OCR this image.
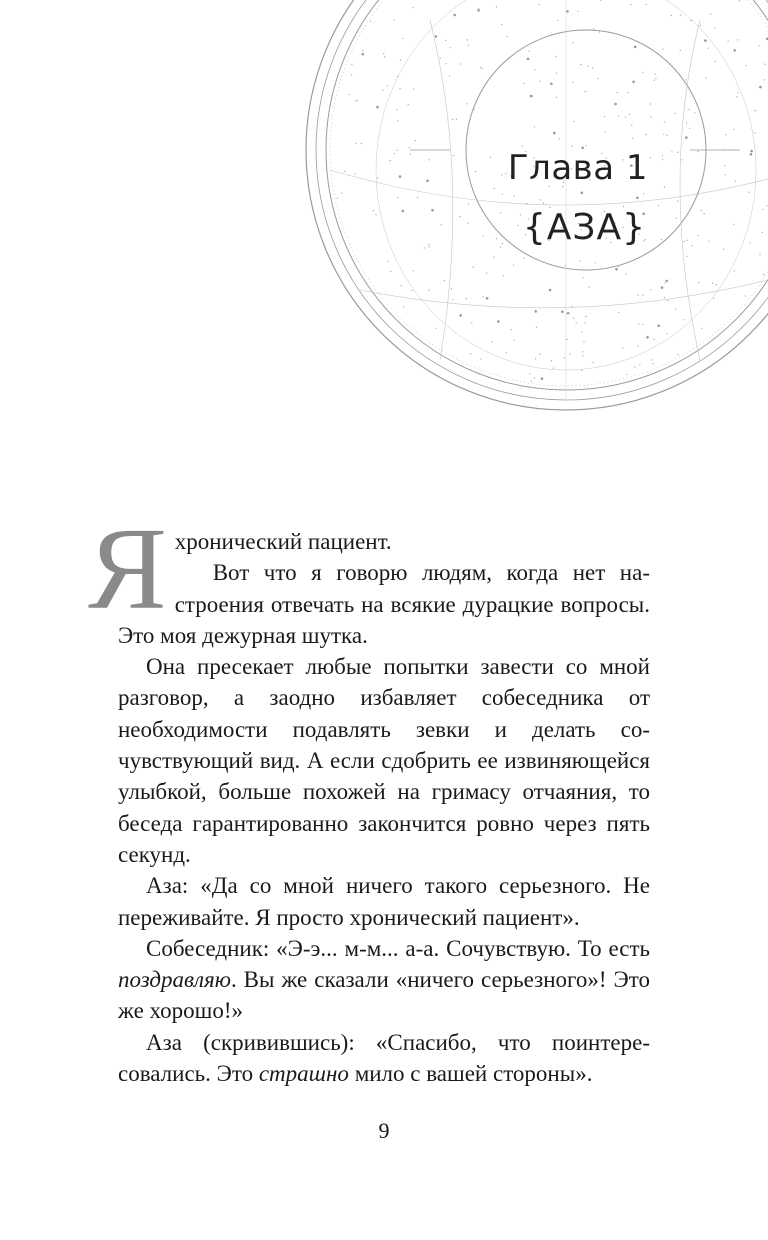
Глава 1
{АЗА}

Я хронический пациент.
Вот что я говорю людям, когда нет настроения отвечать на всякие дурацкие вопросы. Это моя дежурная шутка.

Она пресекает любые попытки завести со мной разговор, а заодно избавляет собеседника от необходимости подавлять зевки и делать сочувствующий вид. А если сдобрить ее извиняющейся улыбкой, больше похожей на гримасу отчаяния, то беседа гарантированно закончится ровно через пять секунд.

Аза: «Да со мной ничего такого серьезного. Не переживайте. Я просто хронический пациент».

Собеседник: «Э-э... м-м... а-а. Сочувствую. То есть поздравляю. Вы же сказали «ничего серьезного»! Это же хорошо!»

Аза (скривившись): «Спасибо, что поинтересовались. Это страшно мило с вашей стороны».

9
